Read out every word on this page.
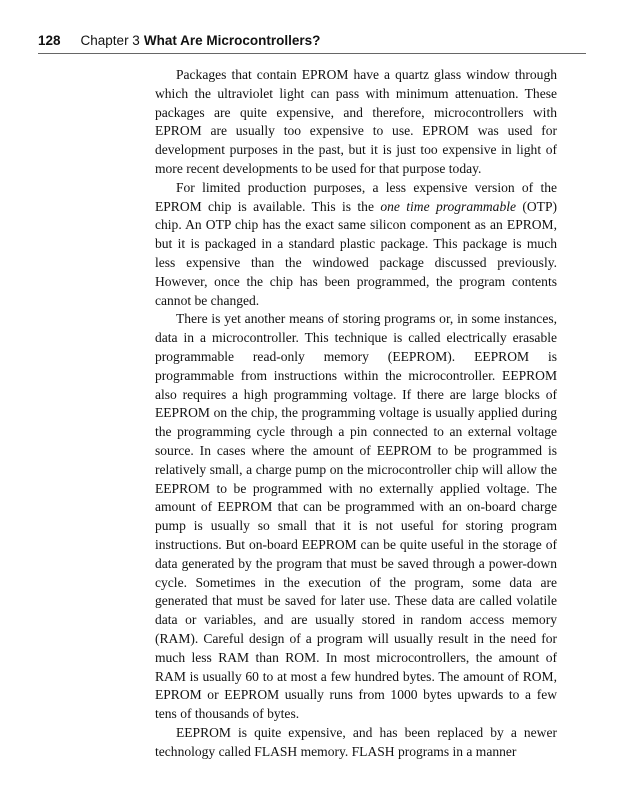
128 Chapter 3 What Are Microcontrollers?

Packages that contain EPROM have a quartz glass window through which the ultraviolet light can pass with minimum attenuation. These packages are quite expensive, and therefore, microcontrollers with EPROM are usually too expensive to use. EPROM was used for development purposes in the past, but it is just too expensive in light of more recent developments to be used for that purpose today.

For limited production purposes, a less expensive version of the EPROM chip is available. This is the one time programmable (OTP) chip. An OTP chip has the exact same silicon component as an EPROM, but it is packaged in a standard plastic package. This package is much less expensive than the windowed package discussed previously. However, once the chip has been programmed, the program contents cannot be changed.

There is yet another means of storing programs or, in some instances, data in a microcontroller. This technique is called electrically erasable programmable read-only memory (EEPROM). EEPROM is programmable from instructions within the microcontroller. EEPROM also requires a high programming voltage. If there are large blocks of EEPROM on the chip, the programming voltage is usually applied during the programming cycle through a pin connected to an external voltage source. In cases where the amount of EEPROM to be programmed is relatively small, a charge pump on the microcontroller chip will allow the EEPROM to be programmed with no externally applied voltage. The amount of EEPROM that can be programmed with an on-board charge pump is usually so small that it is not useful for storing program instructions. But on-board EEPROM can be quite useful in the storage of data generated by the program that must be saved through a power-down cycle. Sometimes in the execution of the program, some data are generated that must be saved for later use. These data are called volatile data or variables, and are usually stored in random access memory (RAM). Careful design of a program will usually result in the need for much less RAM than ROM. In most microcontrollers, the amount of RAM is usually 60 to at most a few hundred bytes. The amount of ROM, EPROM or EEPROM usually runs from 1000 bytes upwards to a few tens of thousands of bytes.

EEPROM is quite expensive, and has been replaced by a newer technology called FLASH memory. FLASH programs in a manner
